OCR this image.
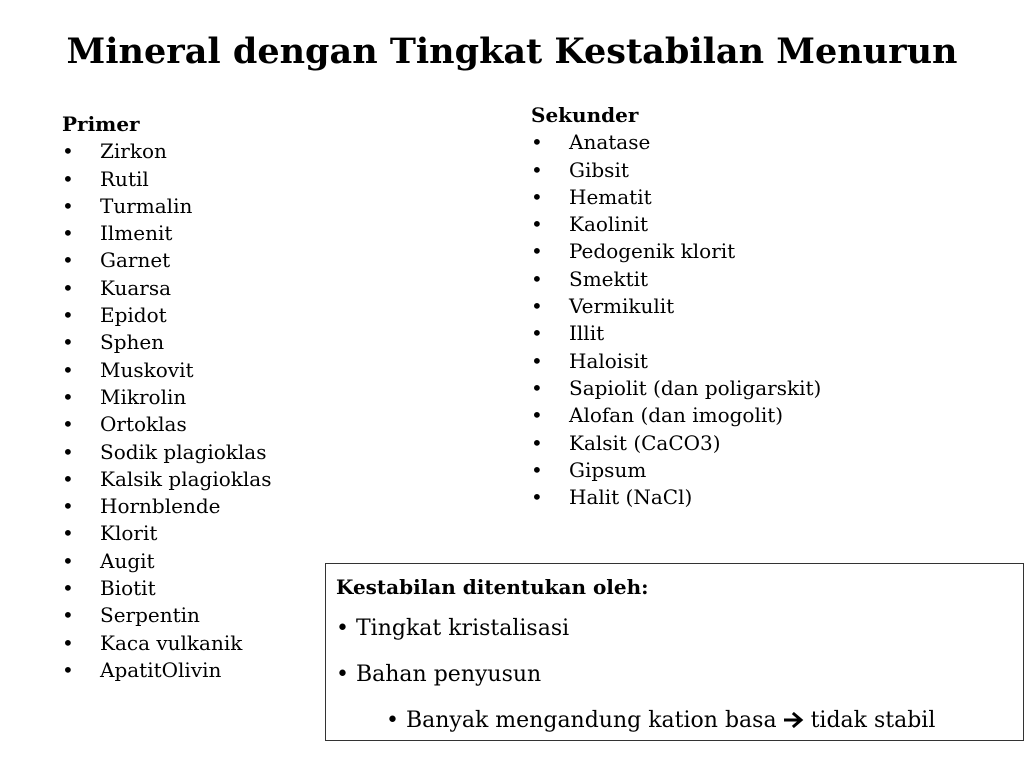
Mineral dengan Tingkat Kestabilan Menurun

Primer

• Zirkon
• Rutil
• Turmalin
• Ilmenit
• Garnet
• Kuarsa
• Epidot
• Sphen
• Muskovit
• Mikrolin
• Ortoklas
• Sodik plagioklas
• Kalsik plagioklas
• Hornblende
• Klorit
• Augit
• Biotit
• Serpentin
• Kaca vulkanik
• ApatitOlivin

Sekunder

• Anatase
• Gibsit
• Hematit
• Kaolinit
• Pedogenik klorit
• Smektit
• Vermikulit
• Illit
• Haloisit
• Sapiolit (dan poligarskit)
• Alofan (dan imogolit)
• Kalsit (CaCO3)
• Gipsum
• Halit (NaCl)

Kestabilan ditentukan oleh:

• Tingkat kristalisasi

• Bahan penyusun

• Banyak mengandung kation basa tidak stabil
